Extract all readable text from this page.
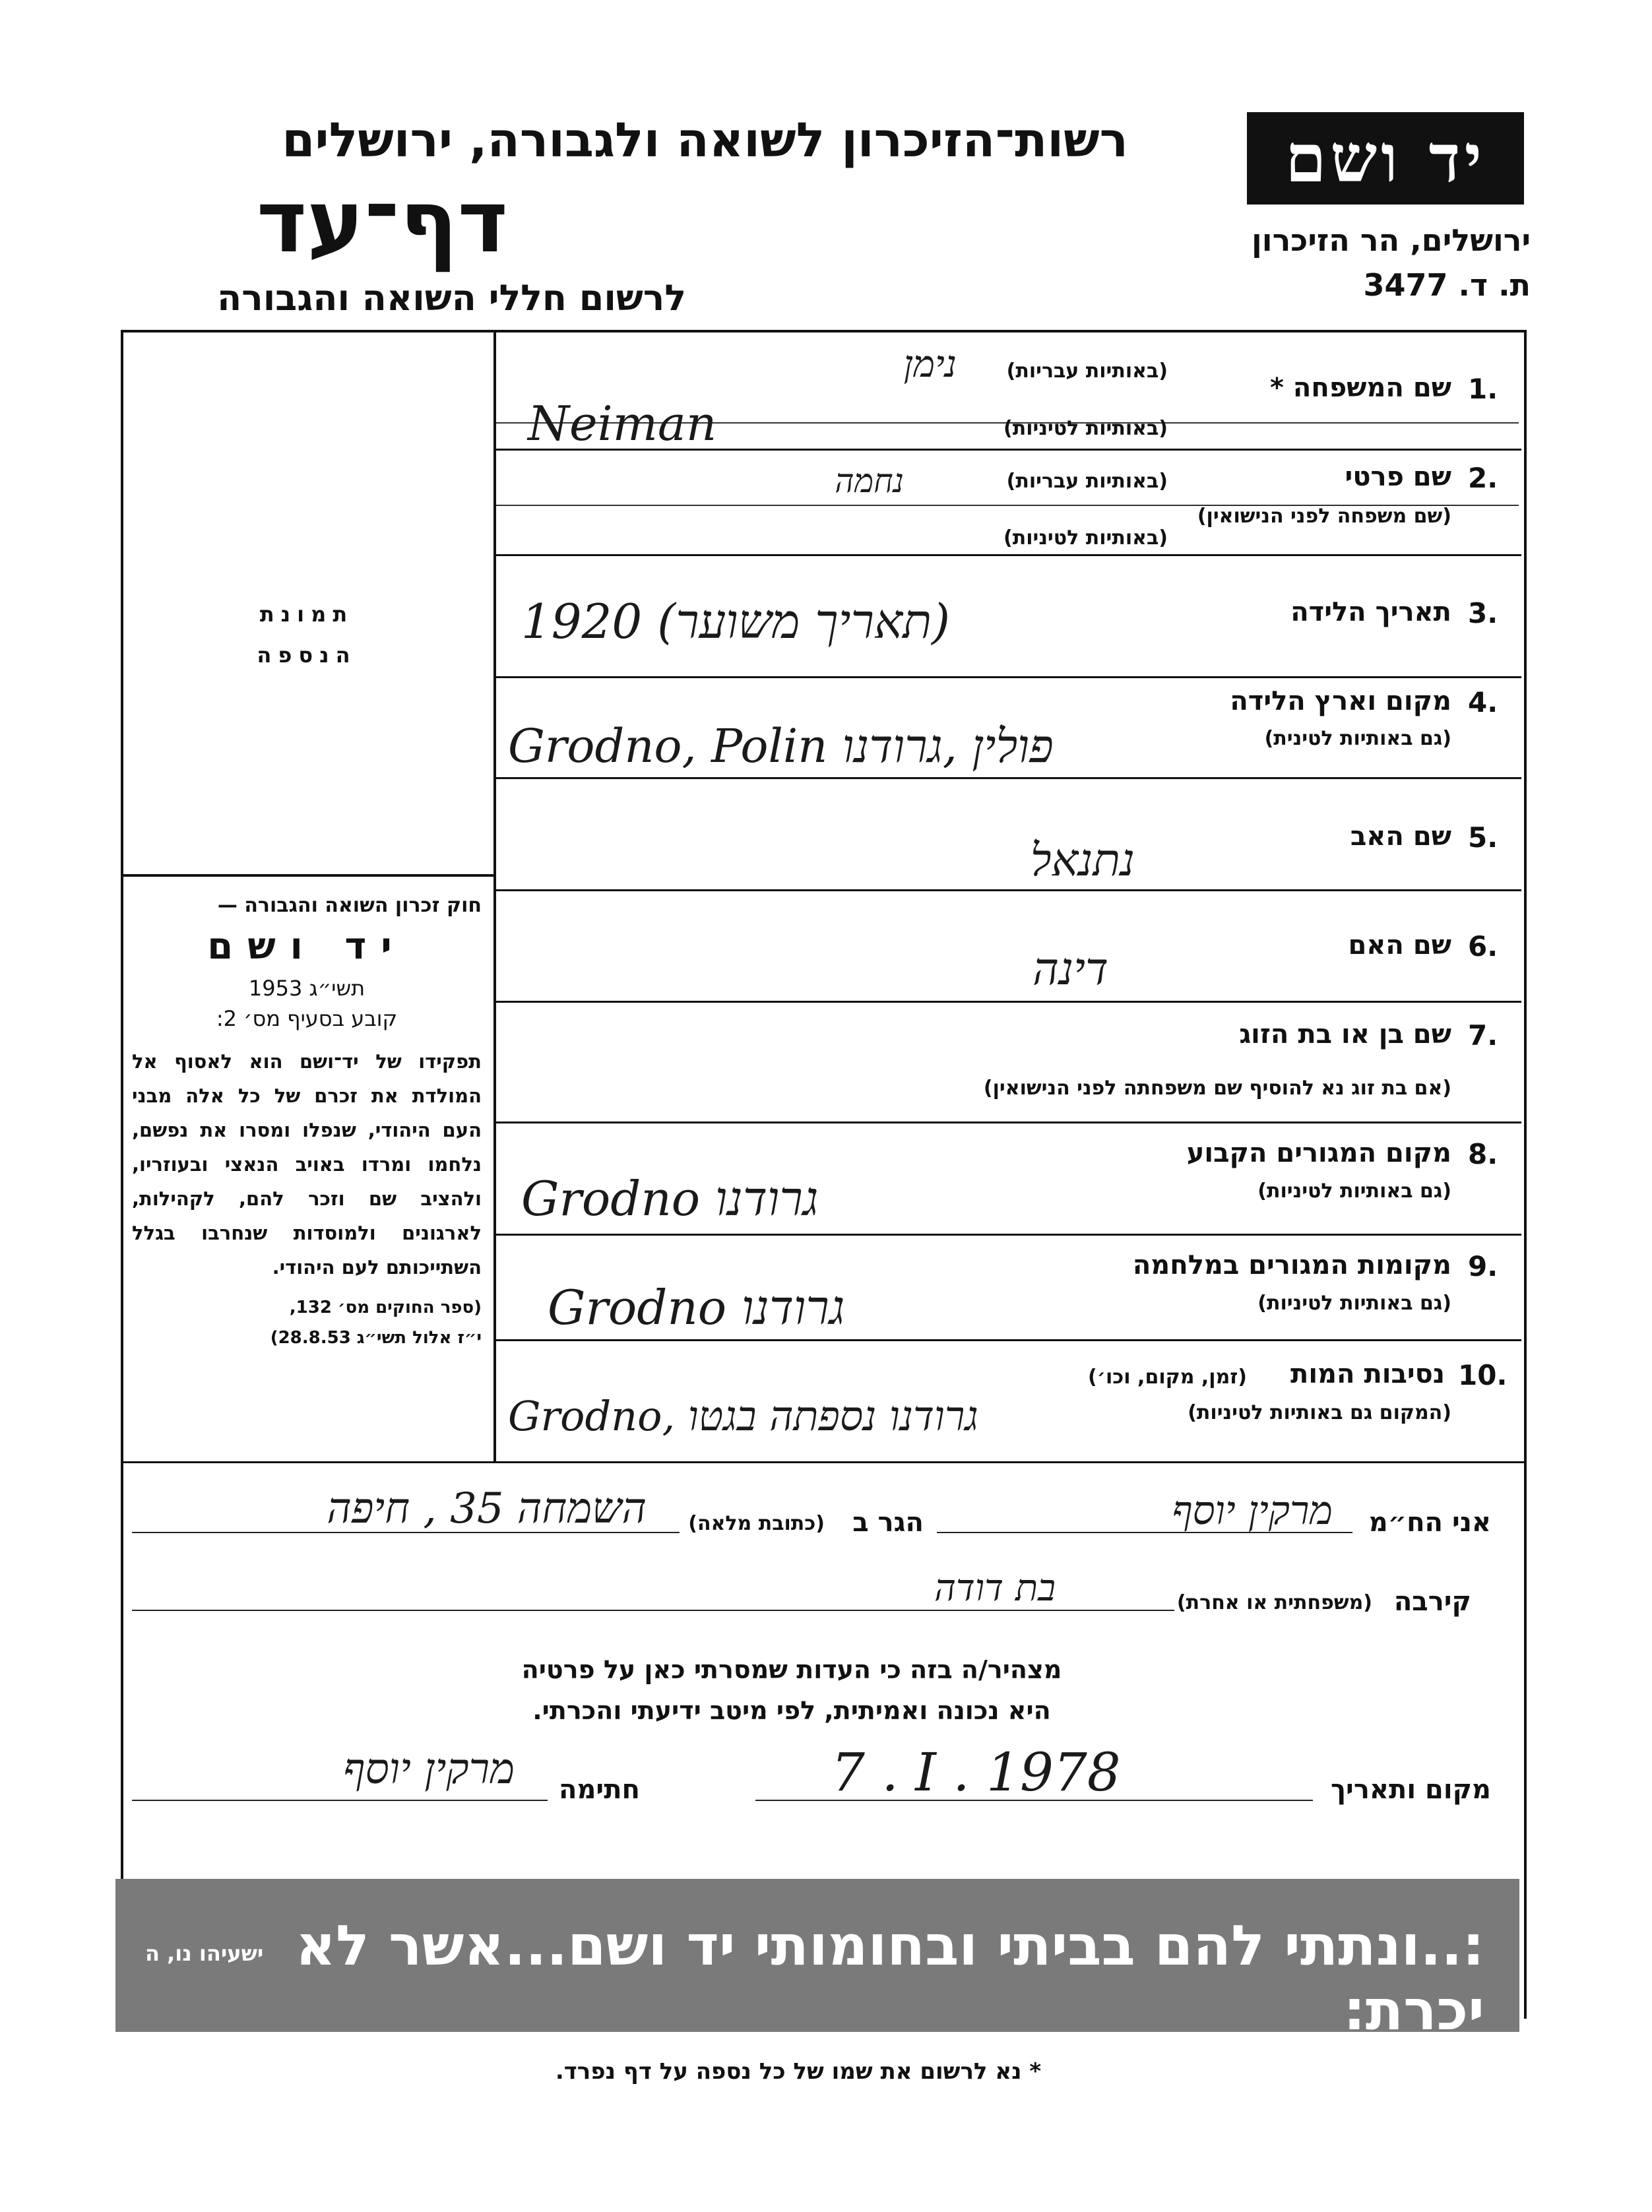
יד ושם
ירושלים, הר הזיכרון
ת. ד. 3477
רשות־הזיכרון לשואה ולגבורה, ירושלים
דף־עד
לרשום חללי השואה והגבורה
1.
שם המשפחה *
(באותיות עבריות)
(באותיות לטיניות)
נימן
Neiman
2.
שם פרטי
(שם משפחה לפני הנישואין)
(באותיות עבריות)
(באותיות לטיניות)
נחמה
3.
תאריך הלידה
1920 (תאריך משוער)
4.
מקום וארץ הלידה
(גם באותיות לטינית)
Grodno, Polin פולין ,גרודנו
5.
שם האב
נתנאל
6.
שם האם
דינה
7.
שם בן או בת הזוג
(אם בת זוג נא להוסיף שם משפחתה לפני הנישואין)
8.
מקום המגורים הקבוע
(גם באותיות לטיניות)
Grodno גרודנו
9.
מקומות המגורים במלחמה
(גם באותיות לטיניות)
Grodno גרודנו
10.
נסיבות המות
(זמן, מקום, וכו׳)
(המקום גם באותיות לטיניות)
Grodno, גרודנו נספתה בגטו
תמונת
הנספה
חוק זכרון השואה והגבורה —
יד ושם
תשי״ג 1953
קובע בסעיף מס׳ 2:
תפקידו של יד־ושם הוא לאסוף אל המולדת את זכרם של כל אלה מבני העם היהודי, שנפלו ומסרו את נפשם, נלחמו ומרדו באויב הנאצי ובעוזריו, ולהציב שם וזכר להם, לקהילות, לארגונים ולמוסדות שנחרבו בגלל השתייכותם לעם היהודי.
(ספר החוקים מס׳ 132,
י״ז אלול תשי״ג 28.8.53)
אני הח״מ
מרקין יוסף
הגר ב
(כתובת מלאה)
השמחה 35 , חיפה
קירבה
(משפחתית או אחרת)
בת דודה
מצהיר/ה בזה כי העדות שמסרתי כאן על פרטיה
היא נכונה ואמיתית, לפי מיטב ידיעתי והכרתי.
מקום ותאריך
7 . I . 1978
חתימה
מרקין יוסף
:..ונתתי להם בביתי ובחומותי יד ושם...אשר לא יכרת:
ישעיהו נו, ה
* נא לרשום את שמו של כל נספה על דף נפרד.
